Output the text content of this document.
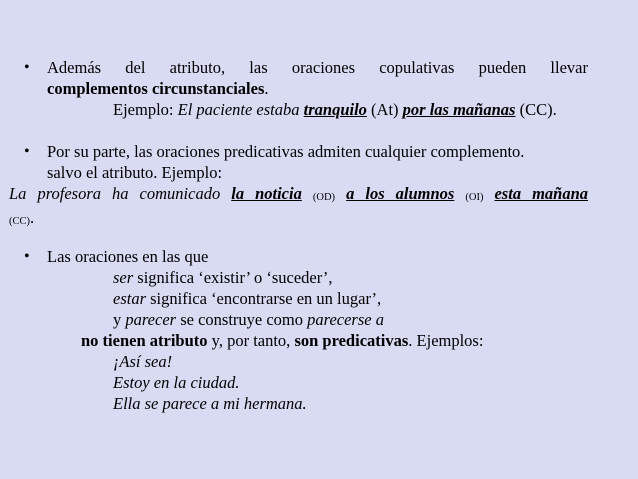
• Además del atributo, las oraciones copulativas pueden llevar
complementos circunstanciales.
Ejemplo: El paciente estaba tranquilo (At) por las mañanas (CC).
• Por su parte, las oraciones predicativas admiten cualquier complemento.
salvo el atributo. Ejemplo:
La profesora ha comunicado la noticia (OD) a los alumnos (OI) esta mañana
(CC).
• Las oraciones en las que
ser significa ‘existir’ o ‘suceder’,
estar significa ‘encontrarse en un lugar’,
y parecer se construye como parecerse a
no tienen atributo y, por tanto, son predicativas. Ejemplos:
¡Así sea!
Estoy en la ciudad.
Ella se parece a mi hermana.
